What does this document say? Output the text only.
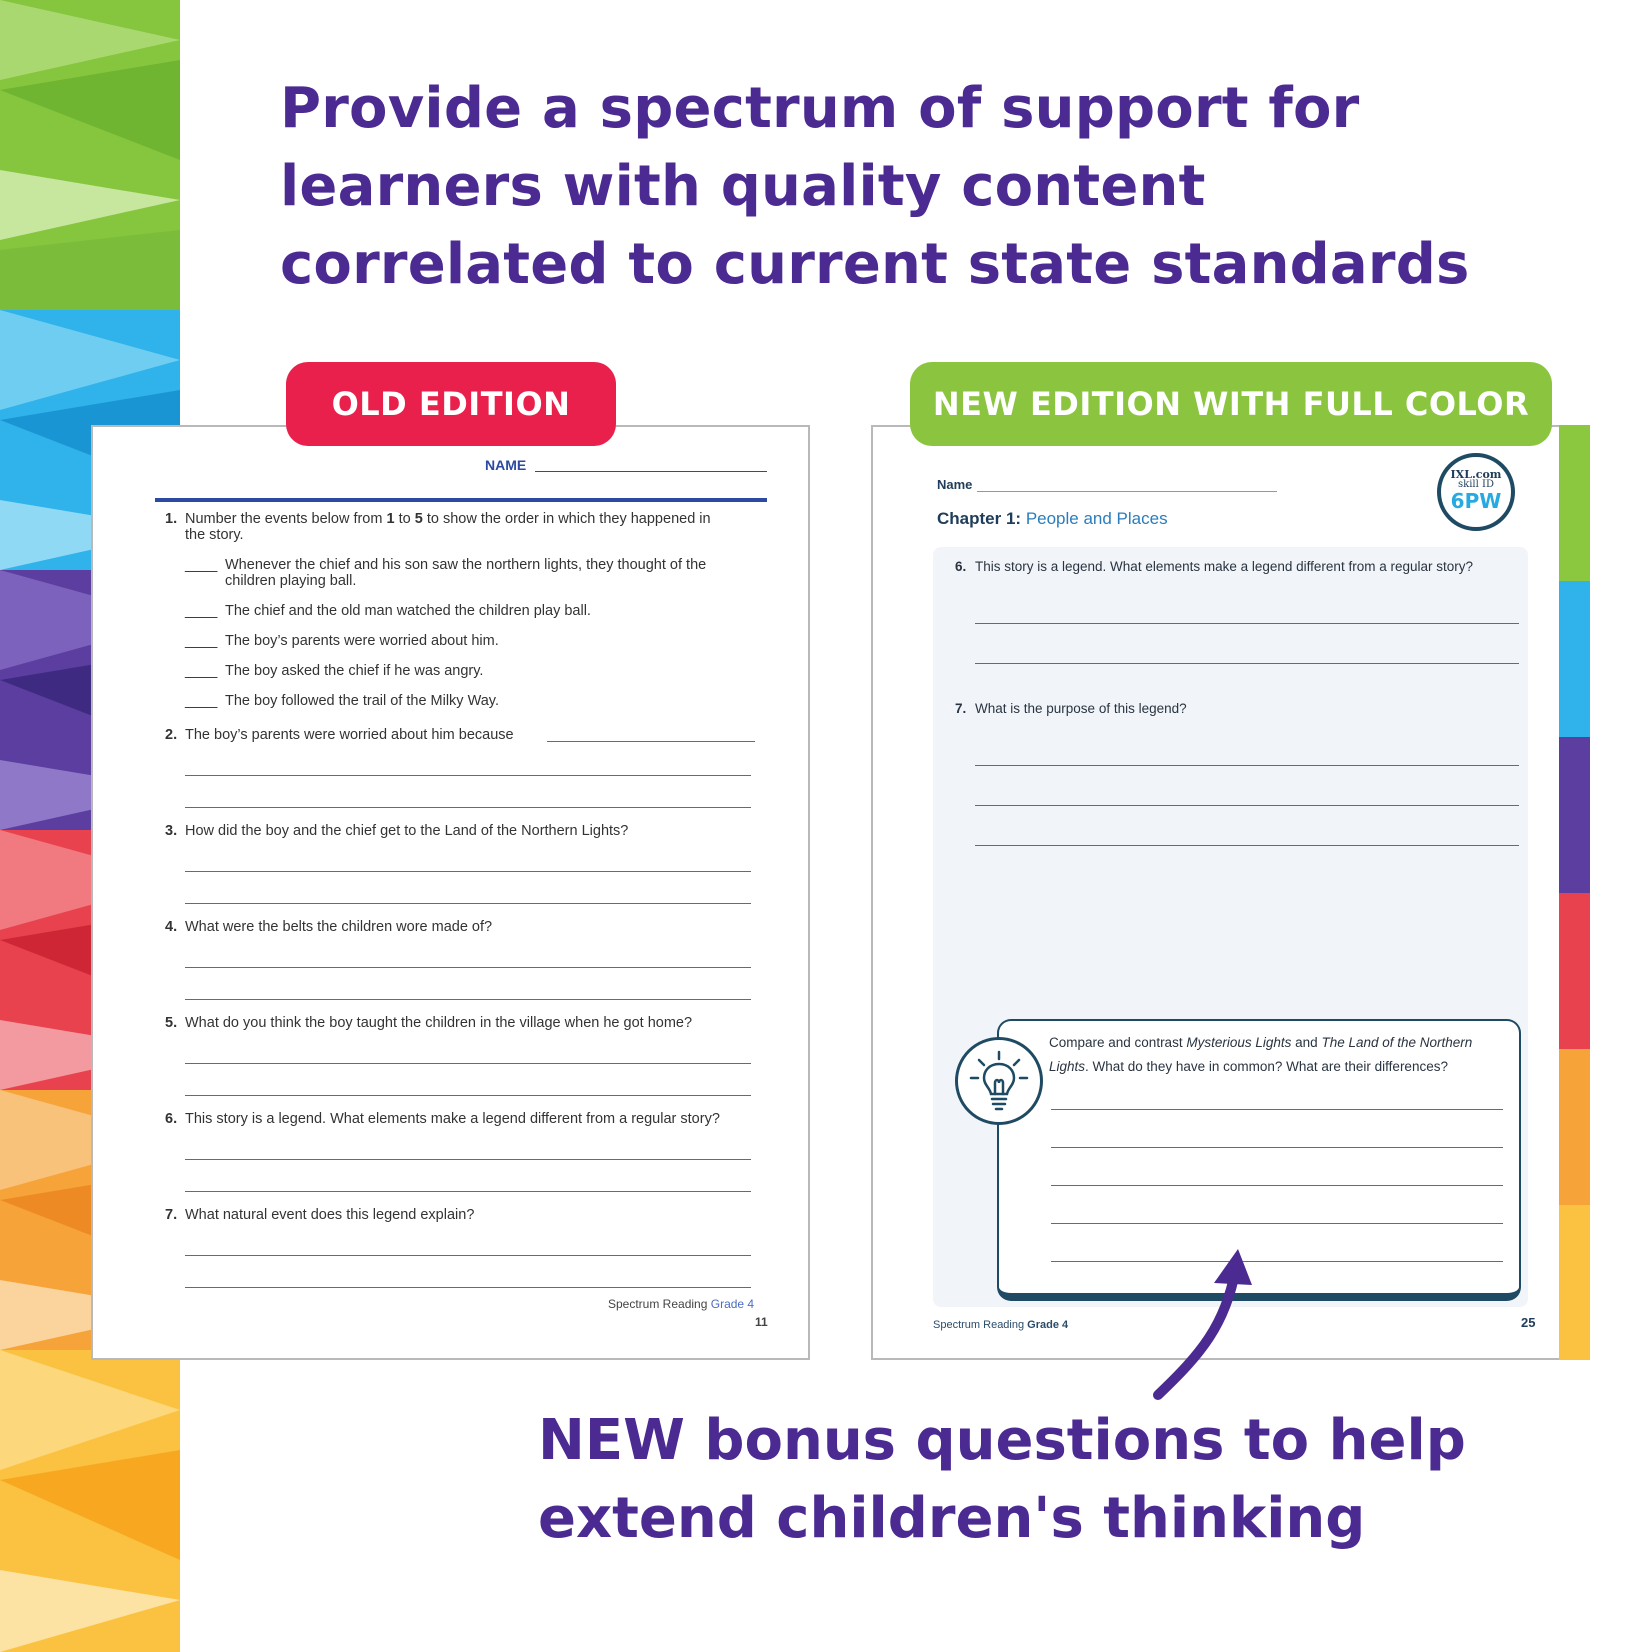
Provide a spectrum of support for
learners with quality content
correlated to current state standards
NAME
1. Number the events below from 1 to 5 to show the order in which they happened in
the story.
____ Whenever the chief and his son saw the northern lights, they thought of the
children playing ball.
____ The chief and the old man watched the children play ball.
____ The boy’s parents were worried about him.
____ The boy asked the chief if he was angry.
____ The boy followed the trail of the Milky Way.
2. The boy’s parents were worried about him because
3. How did the boy and the chief get to the Land of the Northern Lights?
4. What were the belts the children wore made of?
5. What do you think the boy taught the children in the village when he got home?
6. This story is a legend. What elements make a legend different from a regular story?
7. What natural event does this legend explain?
Spectrum Reading Grade 4
11
OLD EDITION
Name
Chapter 1: People and Places
IXL.com
skill ID
6PW
6. This story is a legend. What elements make a legend different from a regular story?
7. What is the purpose of this legend?
Compare and contrast Mysterious Lights and The Land of the Northern Lights. What do they have in common? What are their differences?
Spectrum Reading Grade 4	25
NEW EDITION WITH FULL COLOR
NEW bonus questions to help
extend children's thinking
